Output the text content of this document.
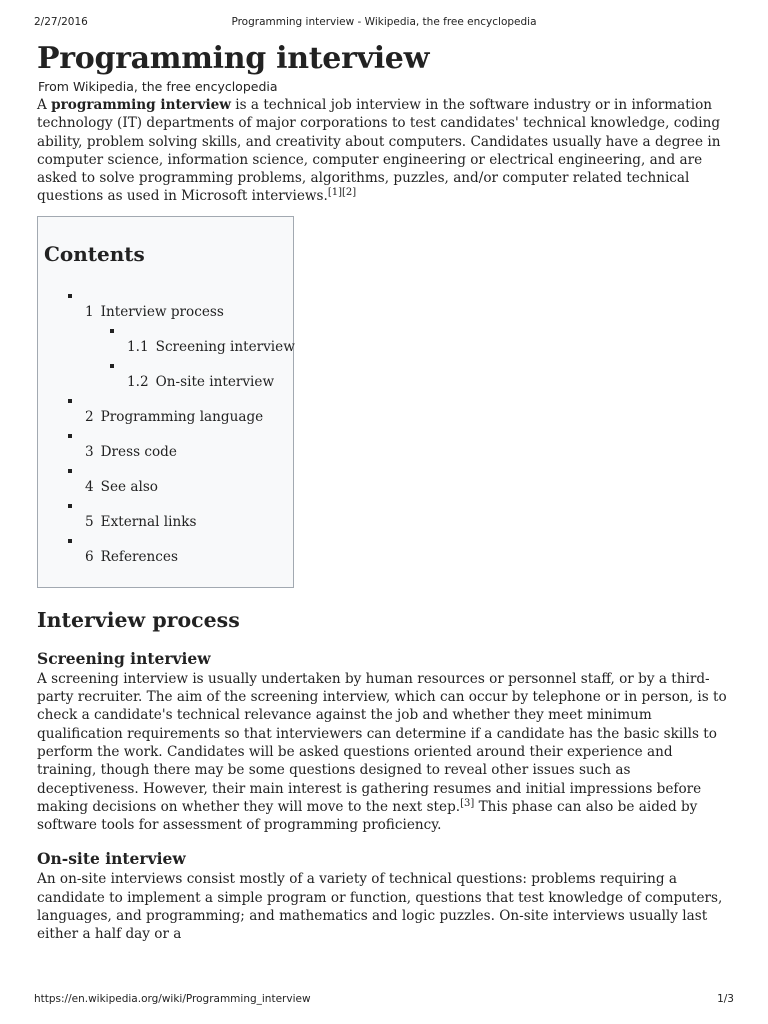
2/27/2016	Programming interview - Wikipedia, the free encyclopedia
Programming interview
From Wikipedia, the free encyclopedia

A programming interview is a technical job interview in the software industry or in information technology (IT) departments of major corporations to test candidates' technical knowledge, coding ability, problem solving skills, and creativity about computers. Candidates usually have a degree in computer science, information science, computer engineering or electrical engineering, and are asked to solve programming problems, algorithms, puzzles, and/or computer related technical questions as used in Microsoft interviews.[1][2]

Contents
1 Interview process
1.1 Screening interview
1.2 On-site interview
2 Programming language
3 Dress code
4 See also
5 External links
6 References
Interview process
Screening interview

A screening interview is usually undertaken by human resources or personnel staff, or by a third-party recruiter. The aim of the screening interview, which can occur by telephone or in person, is to check a candidate's technical relevance against the job and whether they meet minimum qualification requirements so that interviewers can determine if a candidate has the basic skills to perform the work. Candidates will be asked questions oriented around their experience and training, though there may be some questions designed to reveal other issues such as deceptiveness. However, their main interest is gathering resumes and initial impressions before making decisions on whether they will move to the next step.[3] This phase can also be aided by software tools for assessment of programming proficiency.

On-site interview

An on-site interviews consist mostly of a variety of technical questions: problems requiring a candidate to implement a simple program or function, questions that test knowledge of computers, languages, and programming; and mathematics and logic puzzles. On-site interviews usually last either a half day or a

https://en.wikipedia.org/wiki/Programming_interview	1/3
